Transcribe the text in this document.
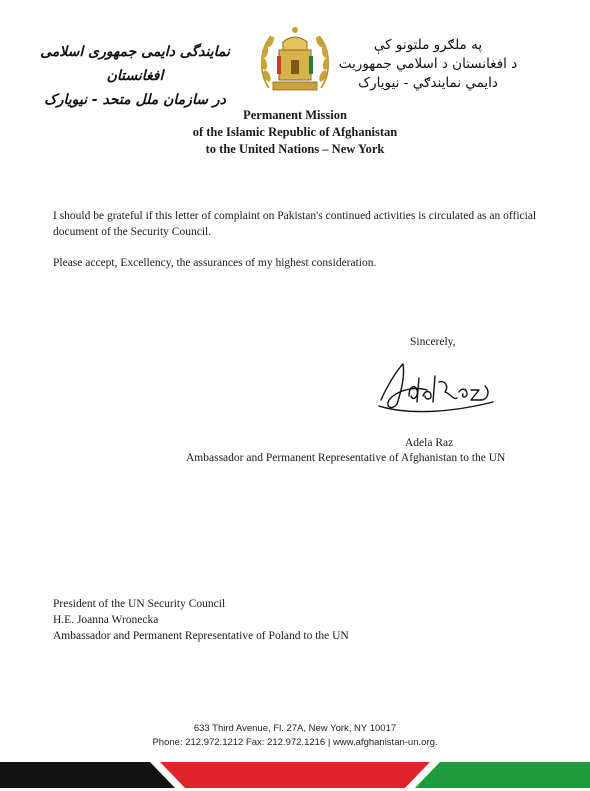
نمایندگی دایمی جمهوری اسلامی افغانستان
در سازمان ملل متحد - نیویارک
په ملګرو ملتونو کې
د افغانستان د اسلامي جمهوریت
دايمي نمايندګي - نيويارک
Permanent Mission
of the Islamic Republic of Afghanistan
to the United Nations – New York
I should be grateful if this letter of complaint on Pakistan's continued activities is circulated as an official document of the Security Council.
Please accept, Excellency, the assurances of my highest consideration.
Sincerely,
Adela Raz
Ambassador and Permanent Representative of Afghanistan to the UN
President of the UN Security Council
H.E. Joanna Wronecka
Ambassador and Permanent Representative of Poland to the UN
633 Third Avenue, Fl. 27A, New York, NY 10017
Phone: 212.972.1212 Fax: 212.972.1216 | www.afghanistan-un.org.
